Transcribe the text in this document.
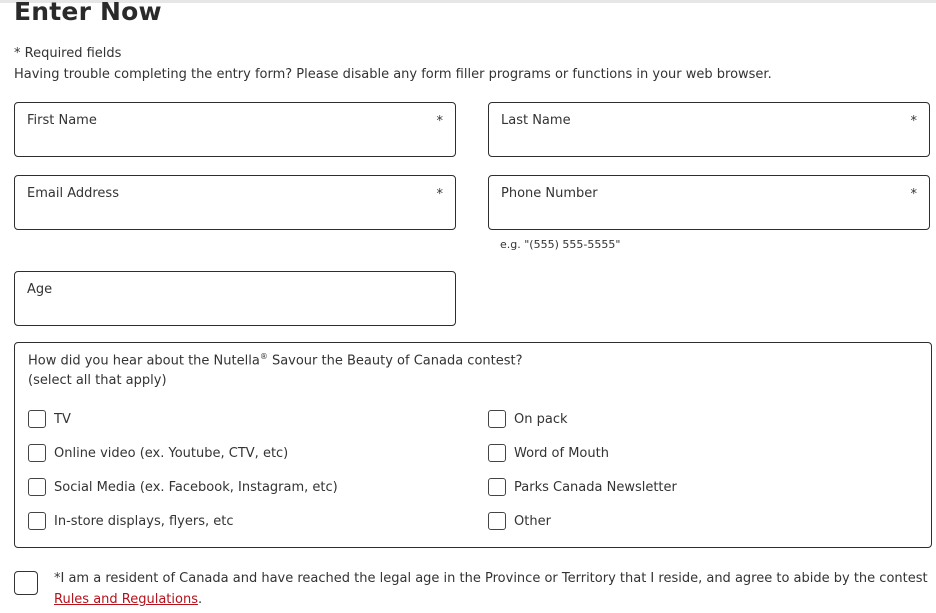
Enter Now
* Required fields
Having trouble completing the entry form? Please disable any form filler programs or functions in your web browser.
First Name	*	Last Name	*
Email Address	*	Phone Number	*
e.g. "(555) 555-5555"
Age
How did you hear about the Nutella® Savour the Beauty of Canada contest?
(select all that apply)
TV
Online video (ex. Youtube, CTV, etc)
Social Media (ex. Facebook, Instagram, etc)
In-store displays, flyers, etc
On pack
Word of Mouth
Parks Canada Newsletter
Other
*I am a resident of Canada and have reached the legal age in the Province or Territory that I reside, and agree to abide by the contest Rules and Regulations.
